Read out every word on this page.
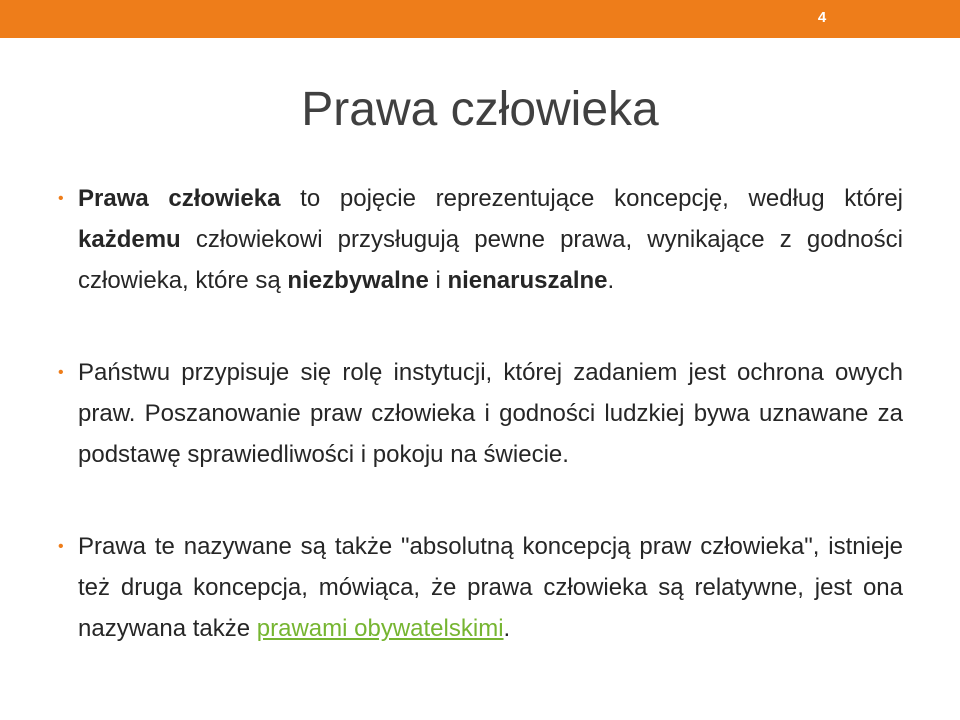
4
Prawa człowieka
• Prawa człowieka to pojęcie reprezentujące koncepcję, według której każdemu człowiekowi przysługują pewne prawa, wynikające z godności człowieka, które są niezbywalne i nienaruszalne.
• Państwu przypisuje się rolę instytucji, której zadaniem jest ochrona owych praw. Poszanowanie praw człowieka i godności ludzkiej bywa uznawane za podstawę sprawiedliwości i pokoju na świecie.
• Prawa te nazywane są także "absolutną koncepcją praw człowieka", istnieje też druga koncepcja, mówiąca, że prawa człowieka są relatywne, jest ona nazywana także prawami obywatelskimi.
